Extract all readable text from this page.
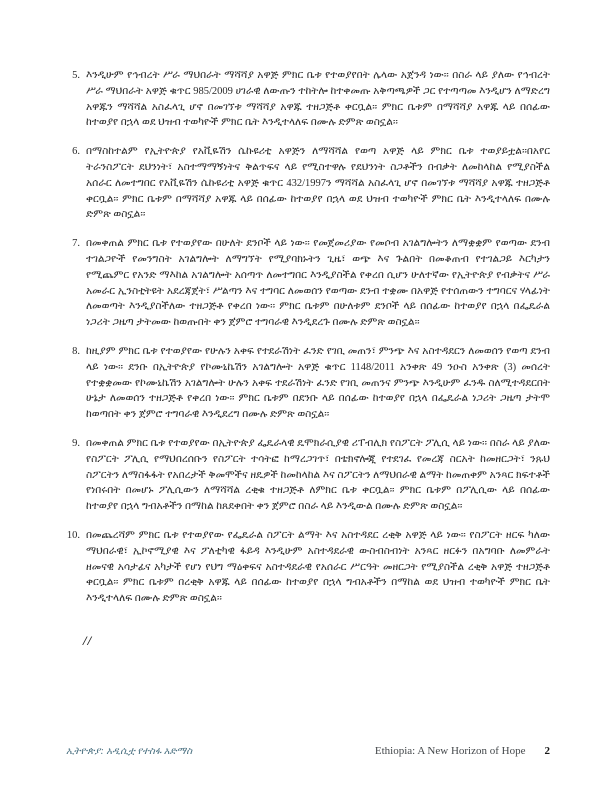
5. እንዲሁም የኅብረት ሥራ ማህበራት ማሻሻያ አዋጅ ምክር ቤቱ የተወያየበት ሌላው አጀንዳ ነው፡፡ በስራ ላይ ያለው የኅብረት ሥራ ማህበራት አዋጅ ቁጥር 985/2009 ሀገራዊ ለውጡን ተከትሎ ከተቀመጡ አቅጣጫዎች ጋር የተጣጣመ እንዲሆን ለማድረግ አዋጁን ማሻሻል አስፈላጊ ሆኖ በመገኘቱ ማሻሻያ አዋጁ ተዘጋጅቶ ቀርቧል፡፡ ምክር ቤቱም በማሻሻያ አዋጁ ላይ በሰፊው ከተወያየ በኋላ ወደ ህዝብ ተወካዮች ምክር ቤት እንዲተላለፍ በሙሉ ድምጽ ወስኗል፡፡
6. በማስከተልም የኢትዮጵያ የአቪዬሽን ሴኩዩሪቲ አዋጅን ለማሻሻል የወጣ አዋጅ ላይ ምክር ቤቱ ተወያይቷል፡፡በአየር ትራንስፖርት ደህንነት፣ አስተማማኝነትና ቅልጥፍና ላይ የሚስተዋሉ የደህንነት ስጋቶችን በብቃት ለመከላከል የሚያስችል አሰራር ለመተግበር የአቪዬሽን ሴኩዩሪቲ አዋጅ ቁጥር 432/1997ን ማሻሻል አስፈላጊ ሆኖ በመገኘቱ ማሻሻያ አዋጁ ተዘጋጅቶ ቀርቧል፡፡ ምክር ቤቱም በማሻሻያ አዋጁ ላይ በሰፊው ከተወያየ በኋላ ወደ ህዝብ ተወካዮች ምክር ቤት እንዲተላለፍ በሙሉ ድምጽ ወስኗል፡፡
7. በመቀጠል ምክር ቤቱ የተወያየው በሁለት ደንቦች ላይ ነው፡፡ የመጀመሪያው የመሶብ አገልግሎትን ለማቋቋም የወጣው ደንብ ተገልጋዮች የመንግስት አገልግሎት ለማግኘት የሚያባክኑትን ጊዜ፣ ወጭ እና ጉልበት በመቆጠብ የተገልጋይ እርካታን የሚጨምር የአንድ ማእከል አገልግሎት አሰጣጥ ለመተግበር እንዲያስችል የቀረበ ሲሆን ሁለተኛው የኢትዮጵያ የብቃትና ሥራ አመራር ኢንስቲትዩት አደረጃጀት፣ ሥልጣን እና ተግባር ለመወሰን የወጣው ደንብ ተቋሙ በአዋጅ የተሰጠውን ተግባርና ሃላፊነት ለመወጣት እንዲያስችለው ተዘጋጅቶ የቀረበ ነው፡፡ ምክር ቤቱም በሁለቱም ደንቦች ላይ በሰፊው ከተወያየ በኋላ በፌዴራል ነጋሪት ጋዜጣ ታትመው ከወጡበት ቀን ጀምሮ ተግባራዊ እንዲደረጉ በሙሉ ድምጽ ወስኗል፡፡
8. ከዚያም ምክር ቤቱ የተወያየው የሁሉን አቀፍ የተደራሽነት ፈንድ የገቢ መጠን፣ ምንጭ እና አስተዳደርን ለመወሰን የወጣ ደንብ ላይ ነው፡፡ ደንቡ በኢትዮጵያ የኮሙኒኬሽን አገልግሎት አዋጅ ቁጥር 1148/2011 አንቀጽ 49 ንዑስ አንቀጽ (3) መሰረት የተቋቋመው የኮሙኒኬሽን አገልግሎት ሁሉን አቀፍ ተደራሽነት ፈንድ የገቢ መጠንና ምንጭ እንዲሁም ፈንዱ ስለሚተዳደርበት ሁኔታ ለመወሰን ተዘጋጅቶ የቀረበ ነው፡፡ ምክር ቤቱም በደንቡ ላይ በሰፊው ከተወያየ በኋላ በፌዴራል ነጋሪት ጋዜጣ ታትሞ ከወጣበት ቀን ጀምሮ ተግባራዊ እንዲደረግ በሙሉ ድምጽ ወስኗል፡፡
9. በመቀጠል ምክር ቤቱ የተወያየው በኢትዮጵያ ፌዴራላዊ ዴሞክራሲያዊ ሪፐብሊክ የስፖርት ፖሊሲ ላይ ነው፡፡ በስራ ላይ ያለው የስፖርት ፖሊሲ የማህበረሰቡን የስፖርት ተሳትፎ ከማረጋገጥ፣ በቴክኖሎጂ የተደገፈ የመረጃ ስርአት ከመዘርጋት፣ ንጹህ ስፖርትን ለማስፋፋት የአበረታች ቅመሞችና ዘዴዎች ከመከላከል እና ስፖርትን ለማህበራዊ ልማት ከመጠቀም አንጻር ክፍተቶች የነበሩበት በመሆኑ ፖሊሲውን ለማሻሻል ረቂቁ ተዘጋጅቶ ለምክር ቤቱ ቀርቧል፡፡ ምክር ቤቱም በፖሊሲው ላይ በሰፊው ከተወያየ በኋላ ግብአቶችን በማከል ከጸደቀበት ቀን ጀምሮ በስራ ላይ እንዲውል በሙሉ ድምጽ ወስኗል፡፡
10. በመጨረሻም ምክር ቤቱ የተወያየው የፌዴራል ስፖርት ልማት እና አስተዳደር ረቂቅ አዋጅ ላይ ነው፡፡ የስፖርት ዘርፍ ካለው ማህበራዊ፣ ኢኮኖሚያዊ እና ፖለቲካዊ ፋይዳ እንዲሁም አስተዳደራዊ ውስብስብነት አንጻር ዘርፉን በአግባቡ ለመምራት ዘመናዊ አሳታፊና አካታች የሆነ የህግ ማዕቀፍና አስተዳደራዊ የአሰራር ሥርዓት መዘርጋት የሚያስችል ረቂቅ አዋጅ ተዘጋጅቶ ቀርቧል፡፡ ምክር ቤቱም በረቂቅ አዋጁ ላይ በሰፊው ከተወያየ በኋላ ግብአቶችን በማከል ወደ ህዝብ ተወካዮች ምክር ቤት እንዲተላለፍ በሙሉ ድምጽ ወስኗል፡፡
//
ኢትዮጵያ: አዲሲቷ የተስፋ አድማስ	Ethiopia: A New Horizon of Hope 2
